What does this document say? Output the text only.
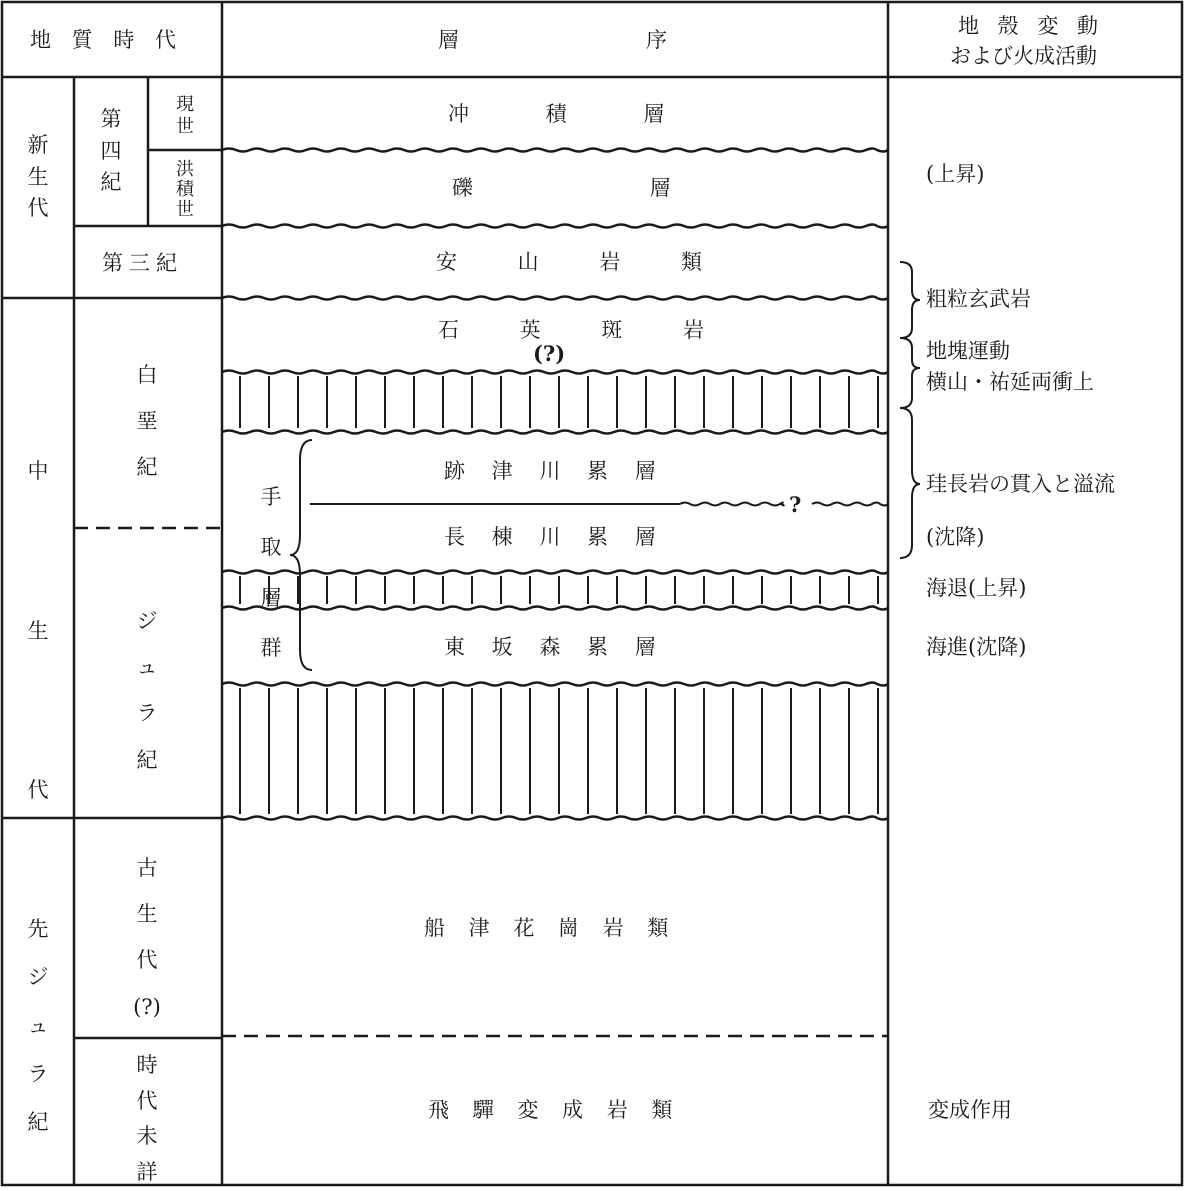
地 質 時 代	層	序
地 殼 変 動
および火成活動
新
生
代
中
生
代
先
ジ
ュ
ラ
紀
第
四
紀
現
世
洪
積
世
第三紀
白
堊
紀
ジ
ュ
ラ
紀
古
生
代
(?)
時
代
未
詳
冲 積 層
礫 層
安 山 岩 類
石 英 斑 岩
(?)
跡 津 川 累 層
?
長 棟 川 累 層
東 坂 森 累 層
手
取
層
群
船 津 花 崗 岩 類
飛 驒 変 成 岩 類
(上昇)
粗粒玄武岩
地塊運動
横山・祐延両衝上
珪長岩の貫入と溢流
(沈降)
海退(上昇)
海進(沈降)
変成作用
